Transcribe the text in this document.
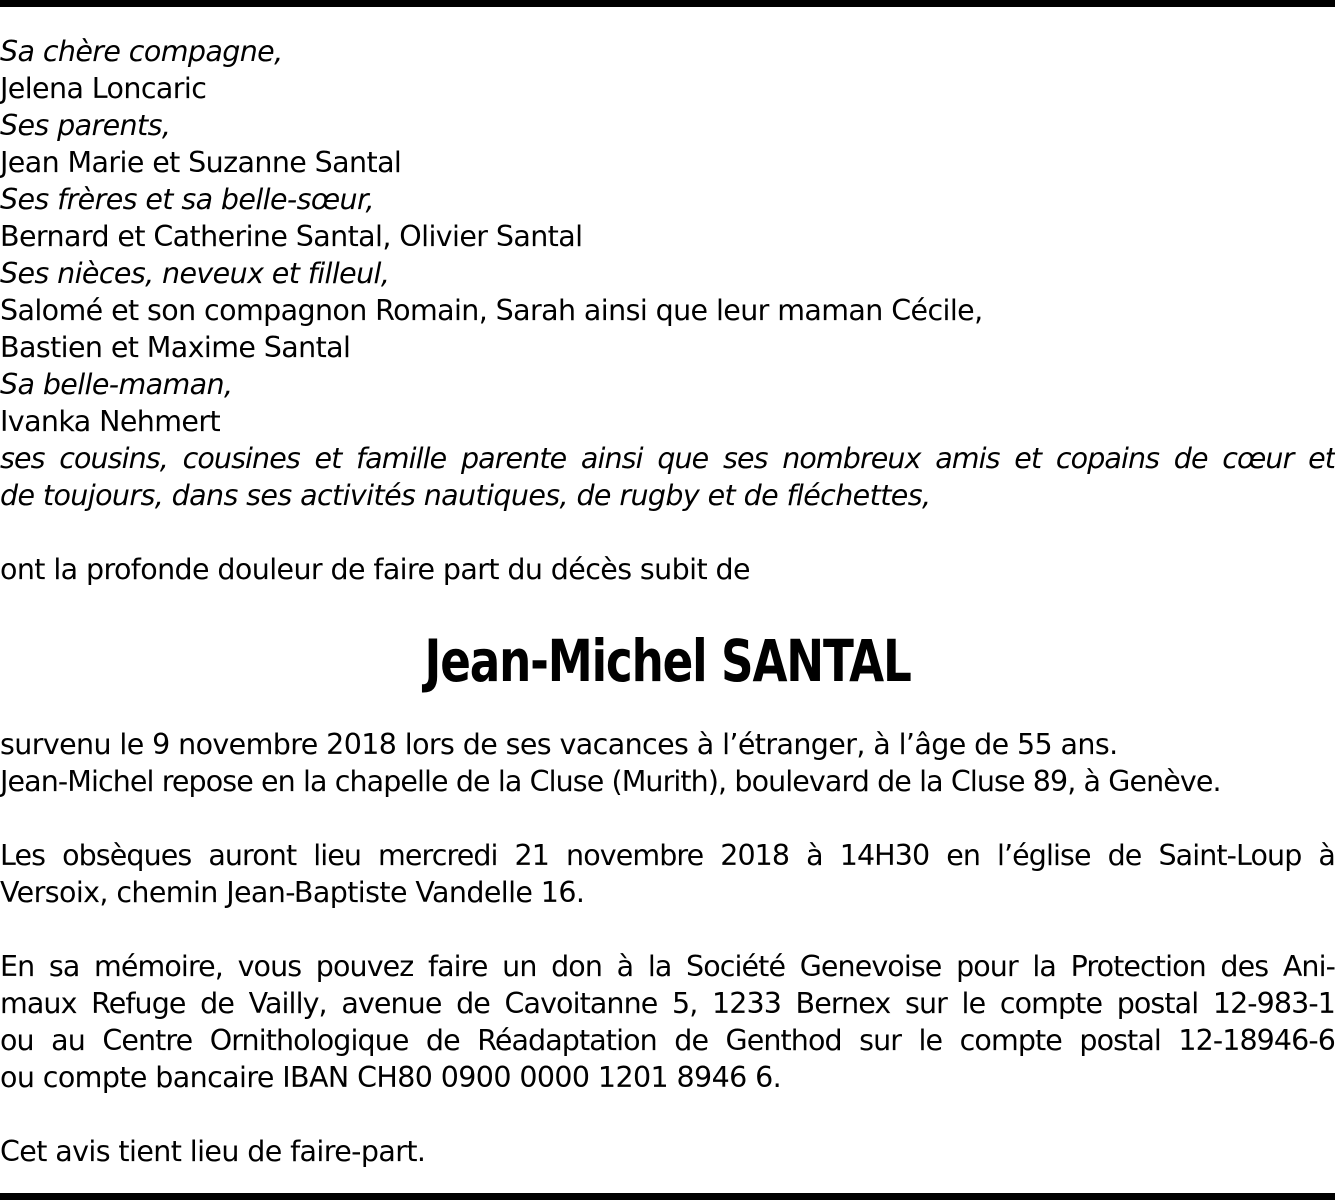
Sa chère compagne,

Jelena Loncaric

Ses parents,

Jean Marie et Suzanne Santal

Ses frères et sa belle-sœur,

Bernard et Catherine Santal, Olivier Santal

Ses nièces, neveux et filleul,

Salomé et son compagnon Romain, Sarah ainsi que leur maman Cécile,

Bastien et Maxime Santal

Sa belle-maman,

Ivanka Nehmert

ses cousins, cousines et famille parente ainsi que ses nombreux amis et copains de cœur et

de toujours, dans ses activités nautiques, de rugby et de fléchettes,

ont la profonde douleur de faire part du décès subit de

Jean-Michel SANTAL

survenu le 9 novembre 2018 lors de ses vacances à l’étranger, à l’âge de 55 ans.

Jean-Michel repose en la chapelle de la Cluse (Murith), boulevard de la Cluse 89, à Genève.

Les obsèques auront lieu mercredi 21 novembre 2018 à 14H30 en l’église de Saint-Loup à

Versoix, chemin Jean-Baptiste Vandelle 16.

En sa mémoire, vous pouvez faire un don à la Société Genevoise pour la Protection des Ani-

maux Refuge de Vailly, avenue de Cavoitanne 5, 1233 Bernex sur le compte postal 12-983-1

ou au Centre Ornithologique de Réadaptation de Genthod sur le compte postal 12-18946-6

ou compte bancaire IBAN CH80 0900 0000 1201 8946 6.

Cet avis tient lieu de faire-part.
